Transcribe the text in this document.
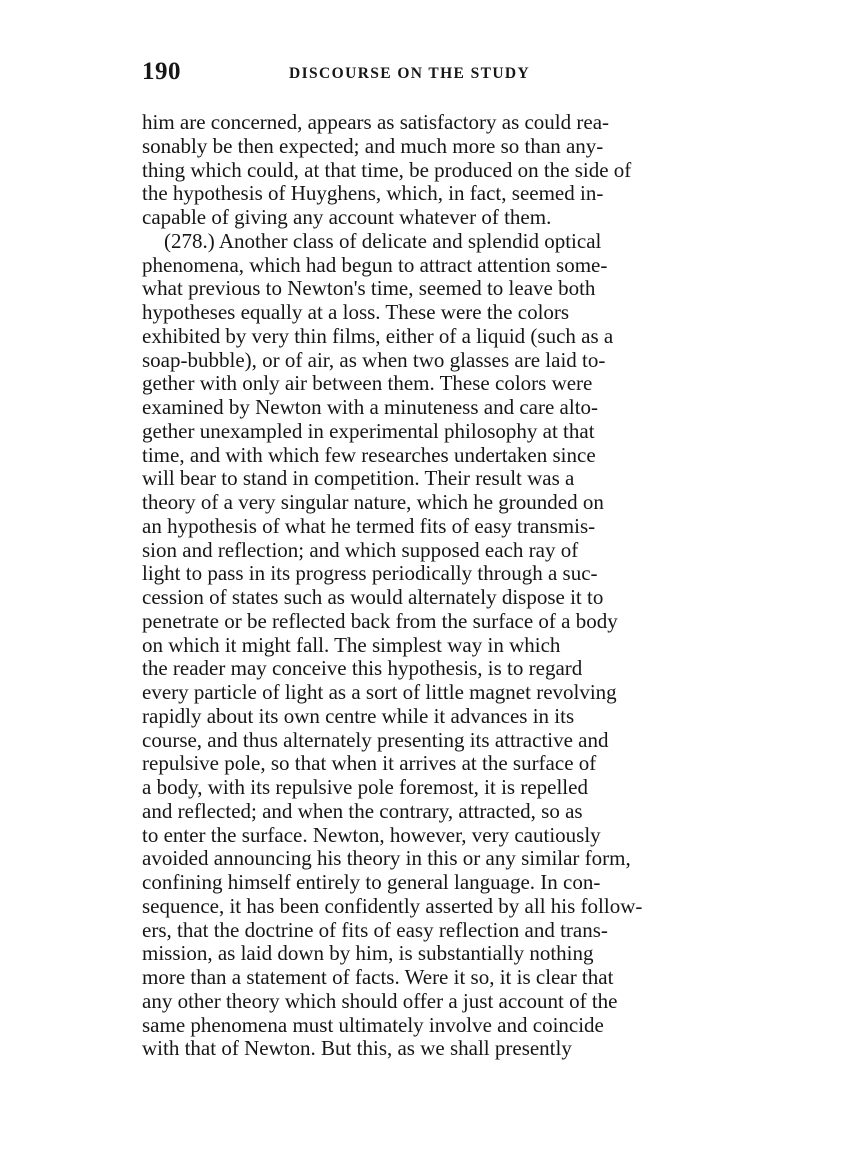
190	DISCOURSE ON THE STUDY
him are concerned, appears as satisfactory as could rea-
sonably be then expected; and much more so than any-
thing which could, at that time, be produced on the side of
the hypothesis of Huyghens, which, in fact, seemed in-
capable of giving any account whatever of them.
(278.) Another class of delicate and splendid optical
phenomena, which had begun to attract attention some-
what previous to Newton's time, seemed to leave both
hypotheses equally at a loss. These were the colors
exhibited by very thin films, either of a liquid (such as a
soap-bubble), or of air, as when two glasses are laid to-
gether with only air between them. These colors were
examined by Newton with a minuteness and care alto-
gether unexampled in experimental philosophy at that
time, and with which few researches undertaken since
will bear to stand in competition. Their result was a
theory of a very singular nature, which he grounded on
an hypothesis of what he termed fits of easy transmis-
sion and reflection; and which supposed each ray of
light to pass in its progress periodically through a suc-
cession of states such as would alternately dispose it to
penetrate or be reflected back from the surface of a body
on which it might fall. The simplest way in which
the reader may conceive this hypothesis, is to regard
every particle of light as a sort of little magnet revolving
rapidly about its own centre while it advances in its
course, and thus alternately presenting its attractive and
repulsive pole, so that when it arrives at the surface of
a body, with its repulsive pole foremost, it is repelled
and reflected; and when the contrary, attracted, so as
to enter the surface. Newton, however, very cautiously
avoided announcing his theory in this or any similar form,
confining himself entirely to general language. In con-
sequence, it has been confidently asserted by all his follow-
ers, that the doctrine of fits of easy reflection and trans-
mission, as laid down by him, is substantially nothing
more than a statement of facts. Were it so, it is clear that
any other theory which should offer a just account of the
same phenomena must ultimately involve and coincide
with that of Newton. But this, as we shall presently
